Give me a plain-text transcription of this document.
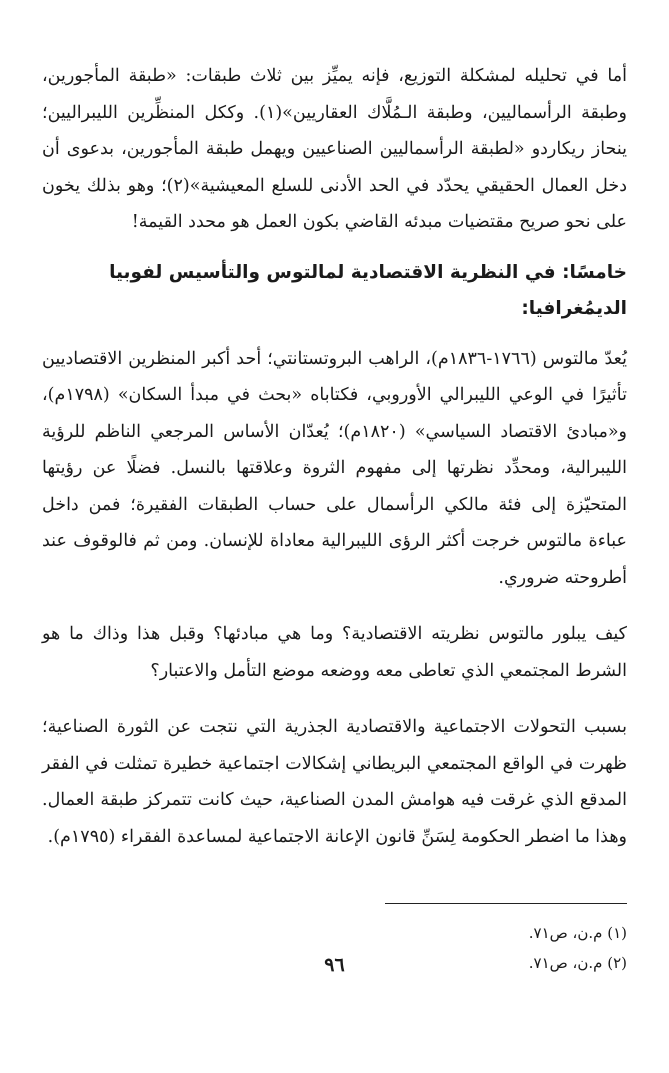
أما في تحليله لمشكلة التوزيع، فإنه يميِّز بين ثلاث طبقات: «طبقة المأجورين، وطبقة الرأسماليين، وطبقة الـمُلَّاك العقاريين»(١). وككل المنظِّرين الليبراليين؛ ينحاز ريكاردو «لطبقة الرأسماليين الصناعيين ويهمل طبقة المأجورين، بدعوى أن دخل العمال الحقيقي يحدّد في الحد الأدنى للسلع المعيشية»(٢)؛ وهو بذلك يخون على نحو صريح مقتضيات مبدئه القاضي بكون العمل هو محدد القيمة!

خامسًا: في النظرية الاقتصادية لمالتوس والتأسيس لفوبيا الديمُغرافيا:

يُعدّ مالتوس (١٧٦٦-١٨٣٦م)، الراهب البروتستانتي؛ أحد أكبر المنظرين الاقتصاديين تأثيرًا في الوعي الليبرالي الأوروبي، فكتاباه «بحث في مبدأ السكان» (١٧٩٨م)، و«مبادئ الاقتصاد السياسي» (١٨٢٠م)؛ يُعدّان الأساس المرجعي الناظم للرؤية الليبرالية، ومحدِّد نظرتها إلى مفهوم الثروة وعلاقتها بالنسل. فضلًا عن رؤيتها المتحيّزة إلى فئة مالكي الرأسمال على حساب الطبقات الفقيرة؛ فمن داخل عباءة مالتوس خرجت أكثر الرؤى الليبرالية معاداة للإنسان. ومن ثم فالوقوف عند أطروحته ضروري.

كيف يبلور مالتوس نظريته الاقتصادية؟ وما هي مبادئها؟ وقبل هذا وذاك ما هو الشرط المجتمعي الذي تعاطى معه ووضعه موضع التأمل والاعتبار؟

بسبب التحولات الاجتماعية والاقتصادية الجذرية التي نتجت عن الثورة الصناعية؛ ظهرت في الواقع المجتمعي البريطاني إشكالات اجتماعية خطيرة تمثلت في الفقر المدقع الذي غرقت فيه هوامش المدن الصناعية، حيث كانت تتمركز طبقة العمال. وهذا ما اضطر الحكومة لِسَنِّ قانون الإعانة الاجتماعية لمساعدة الفقراء (١٧٩٥م).

(١) م.ن، ص٧١.

(٢) م.ن، ص٧١.

٩٦
